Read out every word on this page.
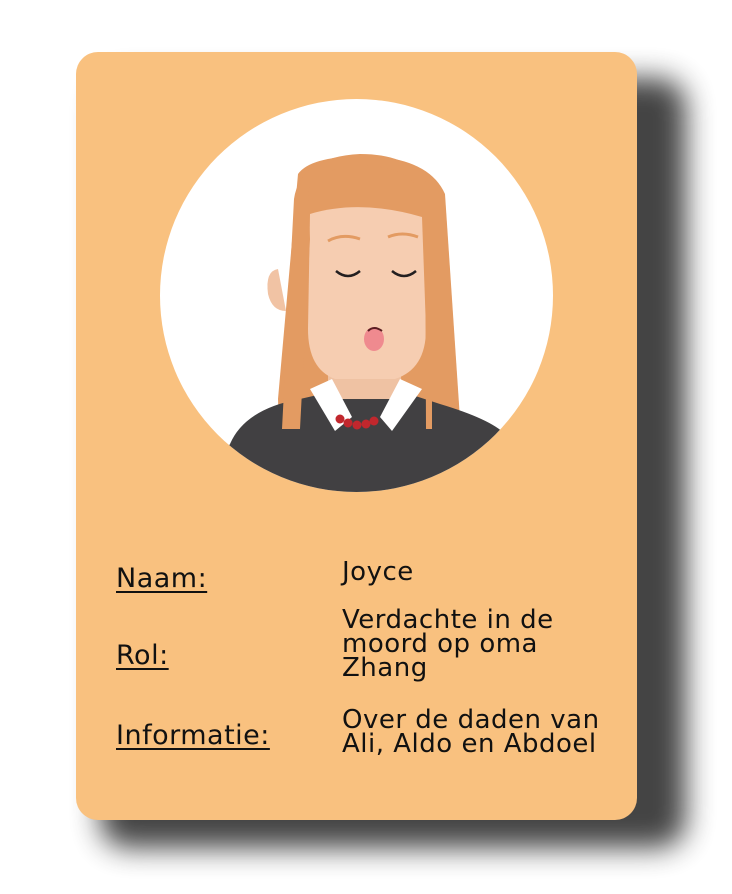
Naam:	Joyce
Rol:
Verdachte in de moord op oma Zhang
Informatie:	Over de daden van Ali, Aldo en Abdoel
